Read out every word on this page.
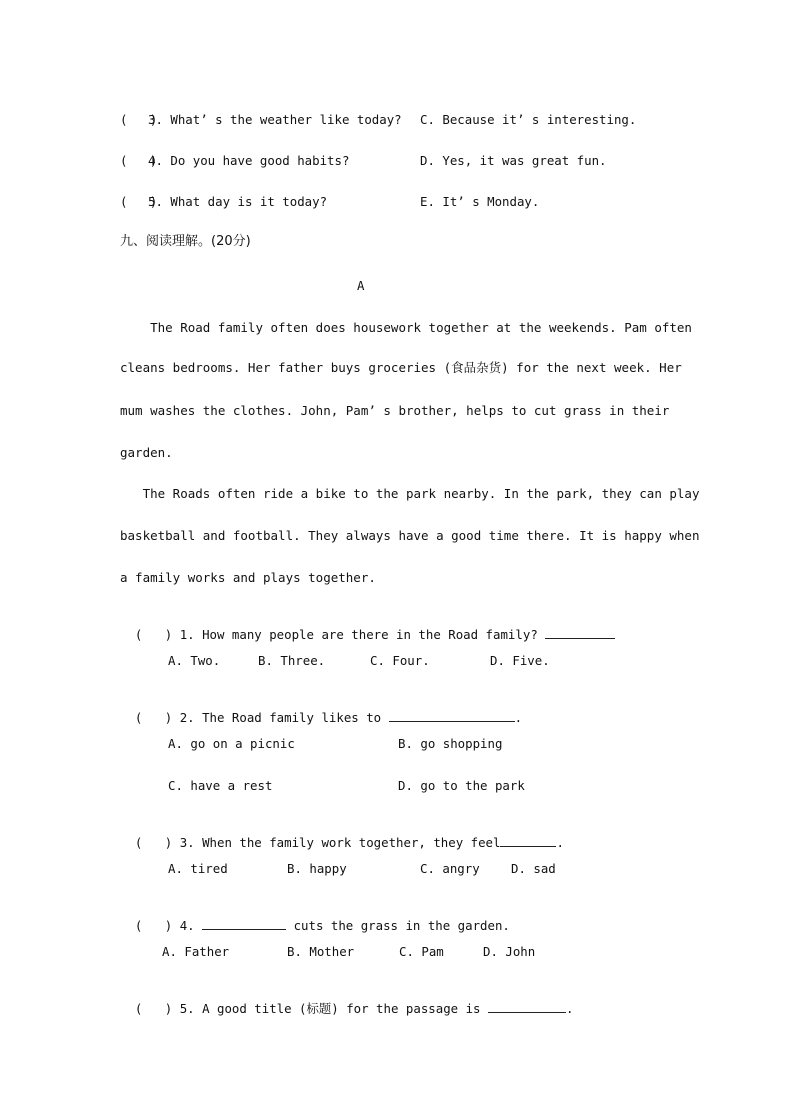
(   )
3. What’ s the weather like today? C. Because it’ s interesting.
(   )
4. Do you have good habits?	D. Yes, it was great fun.
(   )
5. What day is it today?	E. It’ s Monday.
九、阅读理解。(20分)
A
The Road family often does housework together at the weekends. Pam often
cleans bedrooms. Her father buys groceries (食品杂货) for the next week. Her
mum washes the clothes. John, Pam’ s brother, helps to cut grass in their
garden.
The Roads often ride a bike to the park nearby. In the park, they can play
basketball and football. They always have a good time there. It is happy when
a family works and plays together.

(   ) 1. How many people are there in the Road family?

A. Two.	B. Three.	C. Four.	D. Five.

(   ) 2. The Road family likes to	.

A. go on a picnic	B. go shopping
C. have a rest	D. go to the park

(   ) 3. When the family work together, they feel	.

A. tired	B. happy	C. angry	D. sad

(   ) 4.	cuts the grass in the garden.

A. Father	B. Mother	C. Pam	D. John

(   ) 5. A good title (标题) for the passage is	.
